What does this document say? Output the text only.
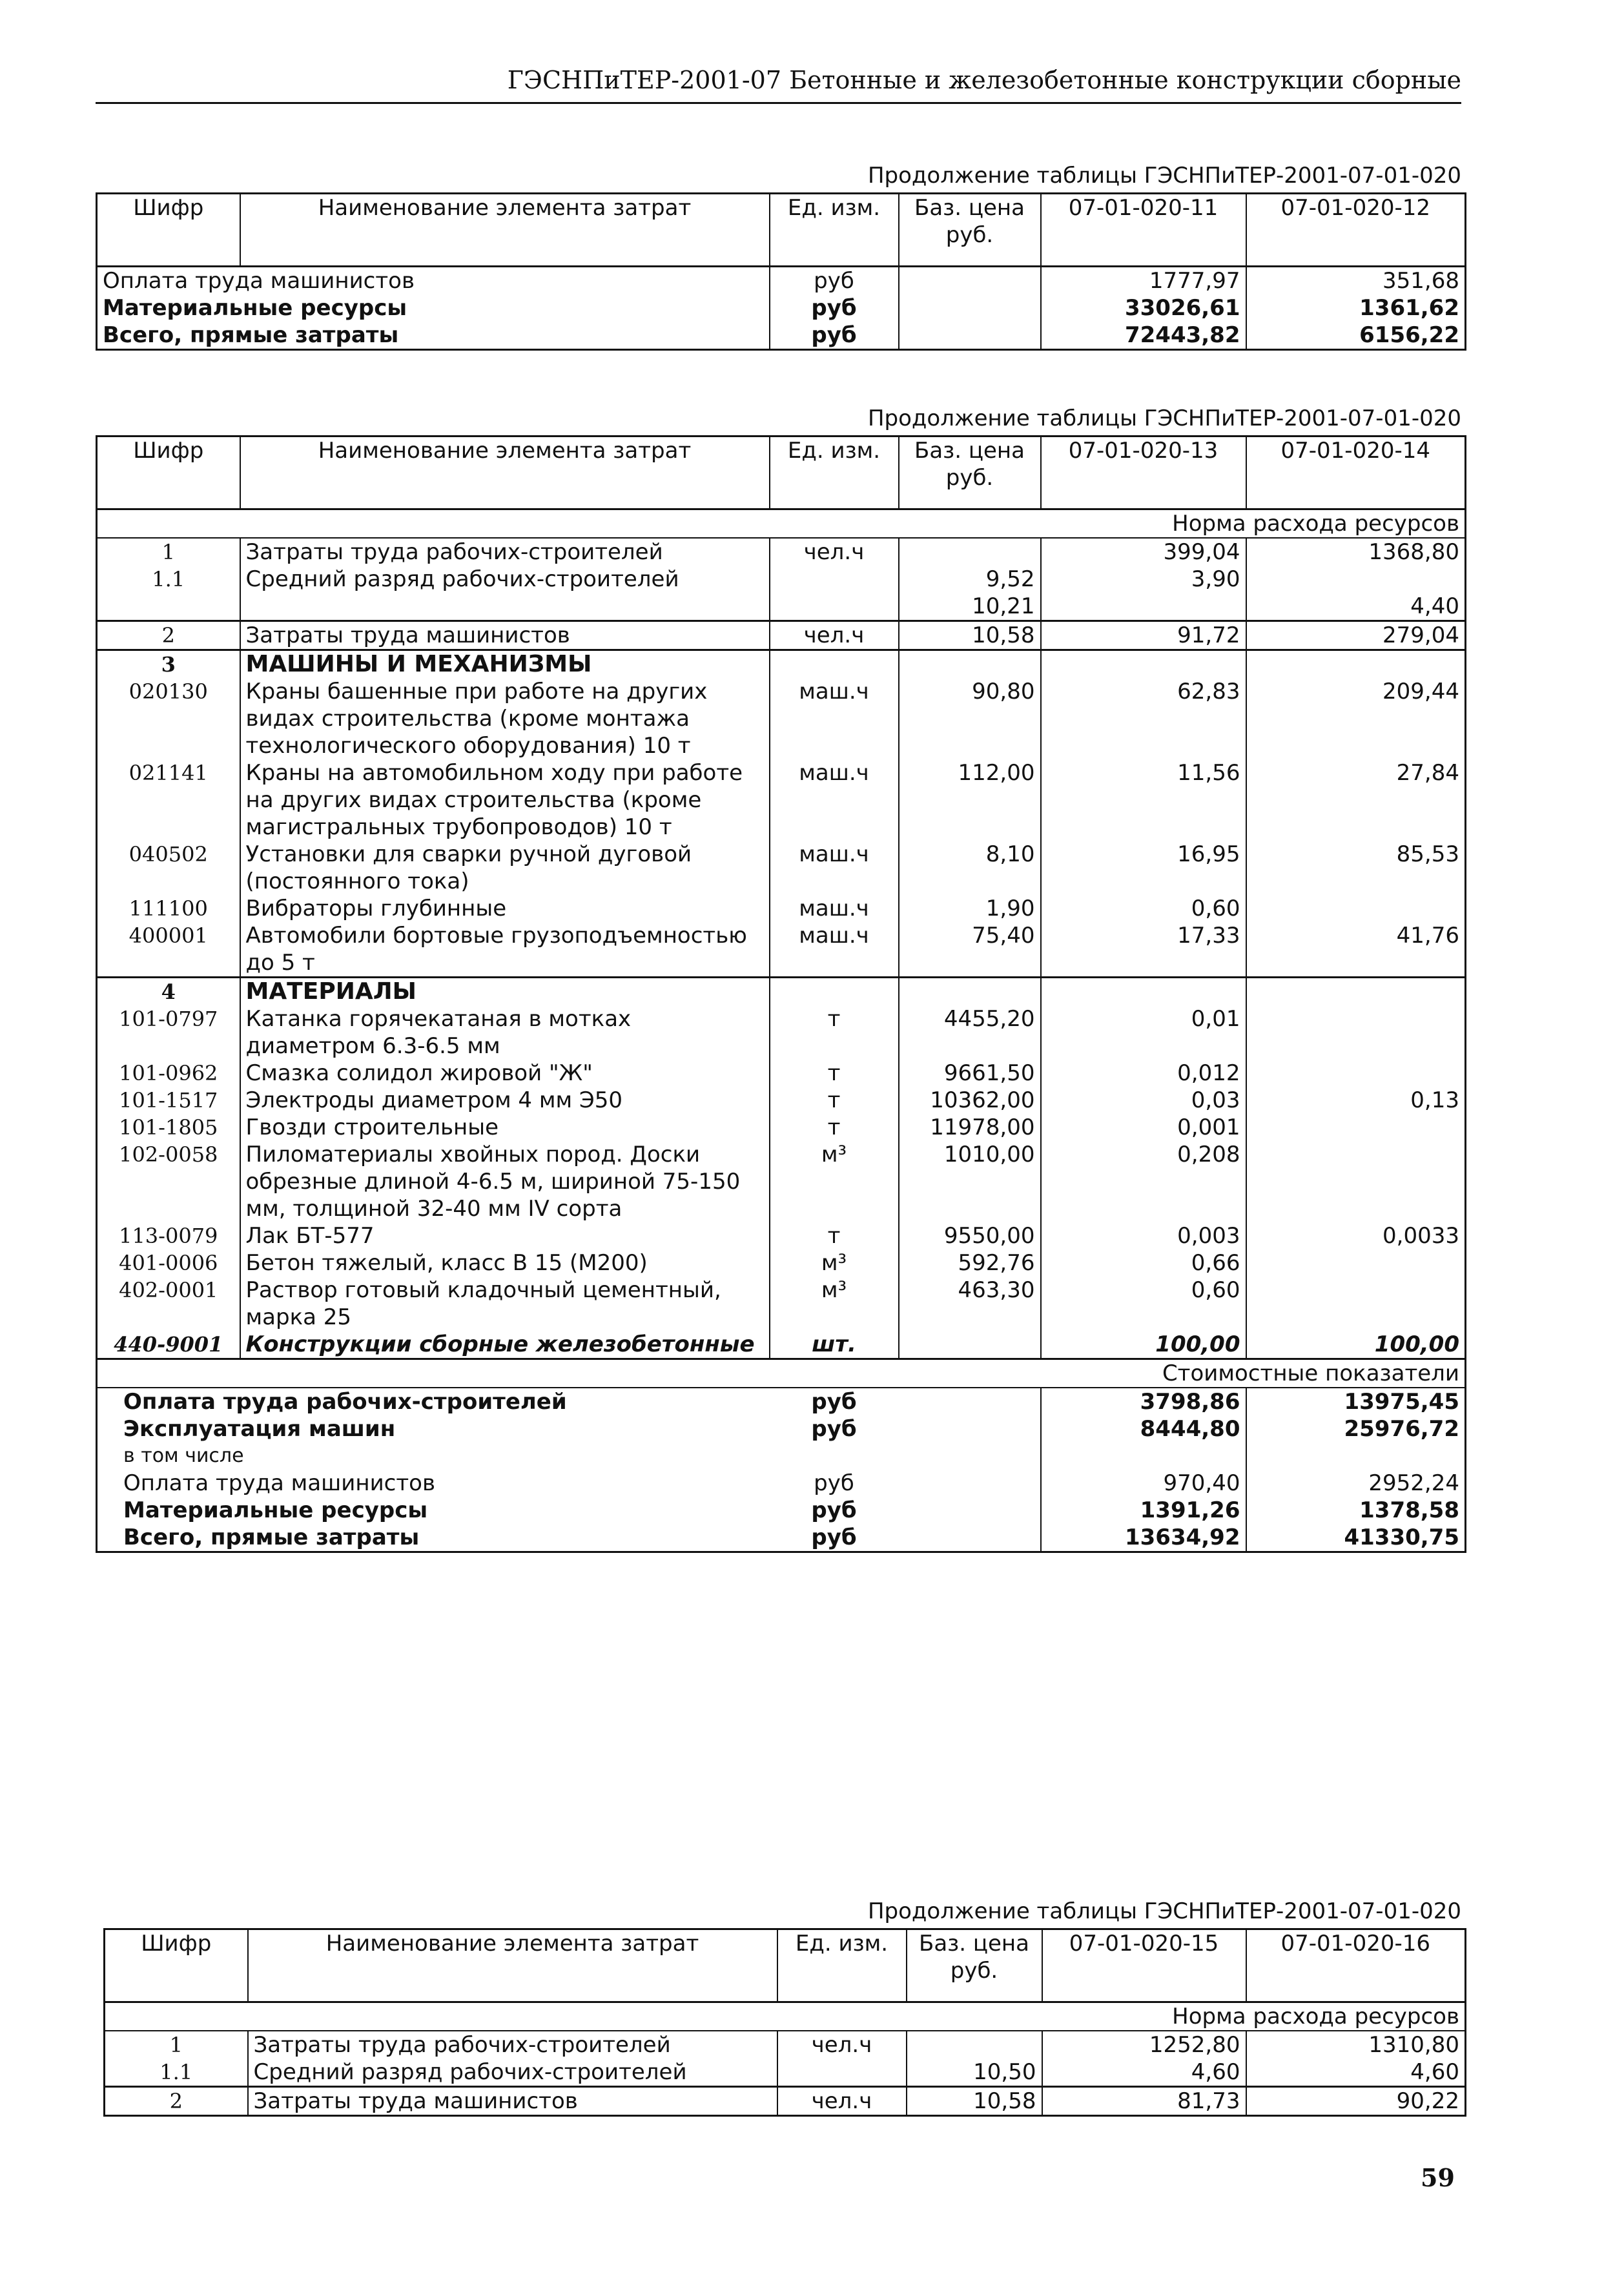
ГЭСНПиТЕР-2001-07 Бетонные и железобетонные конструкции сборные
Продолжение таблицы ГЭСНПиТЕР-2001-07-01-020
Шифр	Наименование элемента затрат	Ед. изм.	Баз. цена руб.	07-01-020-11	07-01-020-12
Оплата труда машинистов		руб		1777,97	351,68
Материальные ресурсы		руб		33026,61	1361,62
Всего, прямые затраты		руб		72443,82	6156,22
Продолжение таблицы ГЭСНПиТЕР-2001-07-01-020
Шифр	Наименование элемента затрат	Ед. изм.	Баз. цена руб.	07-01-020-13	07-01-020-14
Норма расхода ресурсов					
1	Затраты труда рабочих-строителей	чел.ч		399,04	1368,80
1.1	Средний разряд рабочих-строителей		9,52	3,90	
			10,21		4,40
2	Затраты труда машинистов	чел.ч	10,58	91,72	279,04
3	МАШИНЫ И МЕХАНИЗМЫ				
020130	Краны башенные при работе на других видах строительства (кроме монтажа технологического оборудования) 10 т	маш.ч	90,80	62,83	209,44
021141	Краны на автомобильном ходу при работе на других видах строительства (кроме магистральных трубопроводов) 10 т	маш.ч	112,00	11,56	27,84
040502	Установки для сварки ручной дуговой (постоянного тока)	маш.ч	8,10	16,95	85,53
111100	Вибраторы глубинные	маш.ч	1,90	0,60	
400001	Автомобили бортовые грузоподъемностью до 5 т	маш.ч	75,40	17,33	41,76
4	МАТЕРИАЛЫ				
101-0797	Катанка горячекатаная в мотках диаметром 6.3-6.5 мм	т	4455,20	0,01	
101-0962	Смазка солидол жировой "Ж"	т	9661,50	0,012	
101-1517	Электроды диаметром 4 мм Э50	т	10362,00	0,03	0,13
101-1805	Гвозди строительные	т	11978,00	0,001	
102-0058	Пиломатериалы хвойных пород. Доски обрезные длиной 4-6.5 м, шириной 75-150 мм, толщиной 32-40 мм IV сорта	м³	1010,00	0,208	
113-0079	Лак БТ-577	т	9550,00	0,003	0,0033
401-0006	Бетон тяжелый, класс В 15 (М200)	м³	592,76	0,66	
402-0001	Раствор готовый кладочный цементный, марка 25	м³	463,30	0,60	
440-9001	Конструкции сборные железобетонные	шт.		100,00	100,00
Стоимостные показатели					
Оплата труда рабочих-строителей		руб		3798,86	13975,45
Эксплуатация машин		руб		8444,80	25976,72
в том числе					
Оплата труда машинистов		руб		970,40	2952,24
Материальные ресурсы		руб		1391,26	1378,58
Всего, прямые затраты		руб		13634,92	41330,75
Продолжение таблицы ГЭСНПиТЕР-2001-07-01-020
Шифр	Наименование элемента затрат	Ед. изм.	Баз. цена руб.	07-01-020-15	07-01-020-16
Норма расхода ресурсов					
1	Затраты труда рабочих-строителей	чел.ч		1252,80	1310,80
1.1	Средний разряд рабочих-строителей		10,50	4,60	4,60
2	Затраты труда машинистов	чел.ч	10,58	81,73	90,22
59
